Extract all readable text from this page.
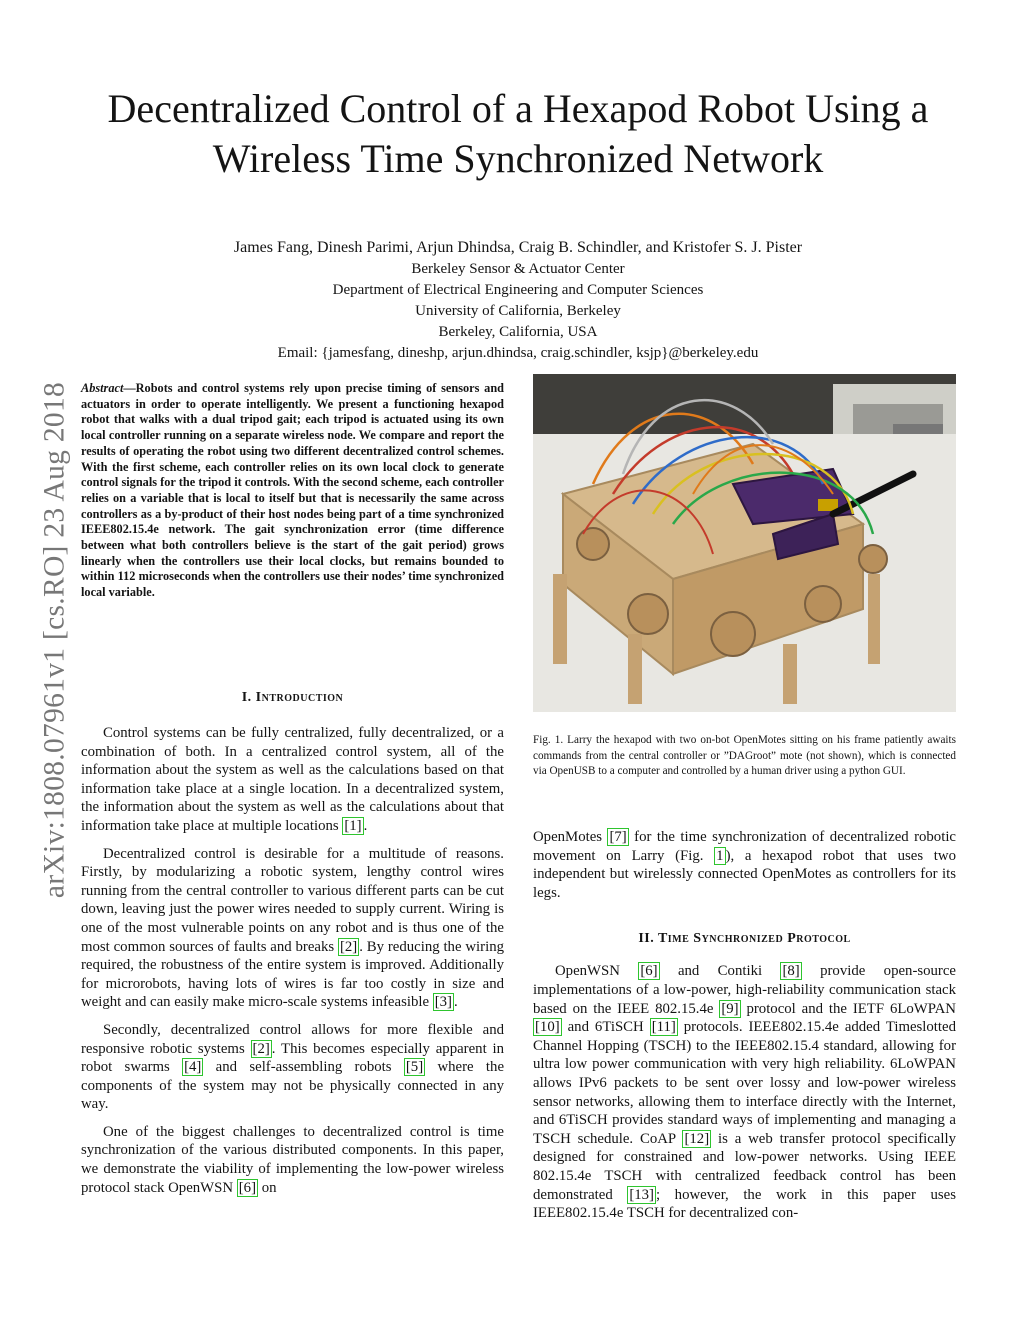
arXiv:1808.07961v1 [cs.RO] 23 Aug 2018
Decentralized Control of a Hexapod Robot Using a
Wireless Time Synchronized Network
James Fang, Dinesh Parimi, Arjun Dhindsa, Craig B. Schindler, and Kristofer S. J. Pister
Berkeley Sensor & Actuator Center
Department of Electrical Engineering and Computer Sciences
University of California, Berkeley
Berkeley, California, USA
Email: {jamesfang, dineshp, arjun.dhindsa, craig.schindler, ksjp}@berkeley.edu

Abstract—Robots and control systems rely upon precise timing of sensors and actuators in order to operate intelligently. We present a functioning hexapod robot that walks with a dual tripod gait; each tripod is actuated using its own local controller running on a separate wireless node. We compare and report the results of operating the robot using two different decentralized control schemes. With the first scheme, each controller relies on its own local clock to generate control signals for the tripod it controls. With the second scheme, each controller relies on a variable that is local to itself but that is necessarily the same across controllers as a by-product of their host nodes being part of a time synchronized IEEE802.15.4e network. The gait synchronization error (time difference between what both controllers believe is the start of the gait period) grows linearly when the controllers use their local clocks, but remains bounded to within 112 microseconds when the controllers use their nodes’ time synchronized local variable.

I. Introduction

Control systems can be fully centralized, fully decentralized, or a combination of both. In a centralized control system, all of the information about the system as well as the calculations based on that information take place at a single location. In a decentralized system, the information about the system as well as the calculations about that information take place at multiple locations [1] .

Decentralized control is desirable for a multitude of reasons. Firstly, by modularizing a robotic system, lengthy control wires running from the central controller to various different parts can be cut down, leaving just the power wires needed to supply current. Wiring is one of the most vulnerable points on any robot and is thus one of the most common sources of faults and breaks [2] . By reducing the wiring required, the robustness of the entire system is improved. Additionally for microrobots, having lots of wires is far too costly in size and weight and can easily make micro-scale systems infeasible [3] .

Secondly, decentralized control allows for more flexible and responsive robotic systems [2] . This becomes especially apparent in robot swarms [4] and self-assembling robots [5] where the components of the system may not be physically connected in any way.

One of the biggest challenges to decentralized control is time synchronization of the various distributed components. In this paper, we demonstrate the viability of implementing the low-power wireless protocol stack OpenWSN [6] on

Fig. 1. Larry the hexapod with two on-bot OpenMotes sitting on his frame patiently awaits commands from the central controller or ”DAGroot” mote (not shown), which is connected via OpenUSB to a computer and controlled by a human driver using a python GUI.

OpenMotes [7] for the time synchronization of decentralized robotic movement on Larry (Fig. 1 ), a hexapod robot that uses two independent but wirelessly connected OpenMotes as controllers for its legs.

II. Time Synchronized Protocol

OpenWSN [6] and Contiki [8] provide open-source implementations of a low-power, high-reliability communication stack based on the IEEE 802.15.4e [9] protocol and the IETF 6LoWPAN [10] and 6TiSCH [11] protocols. IEEE802.15.4e added Timeslotted Channel Hopping (TSCH) to the IEEE802.15.4 standard, allowing for ultra low power communication with very high reliability. 6LoWPAN allows IPv6 packets to be sent over lossy and low-power wireless sensor networks, allowing them to interface directly with the Internet, and 6TiSCH provides standard ways of implementing and managing a TSCH schedule. CoAP [12] is a web transfer protocol specifically designed for constrained and low-power networks. Using IEEE 802.15.4e TSCH with centralized feedback control has been demonstrated [13] ; however, the work in this paper uses IEEE802.15.4e TSCH for decentralized con-
